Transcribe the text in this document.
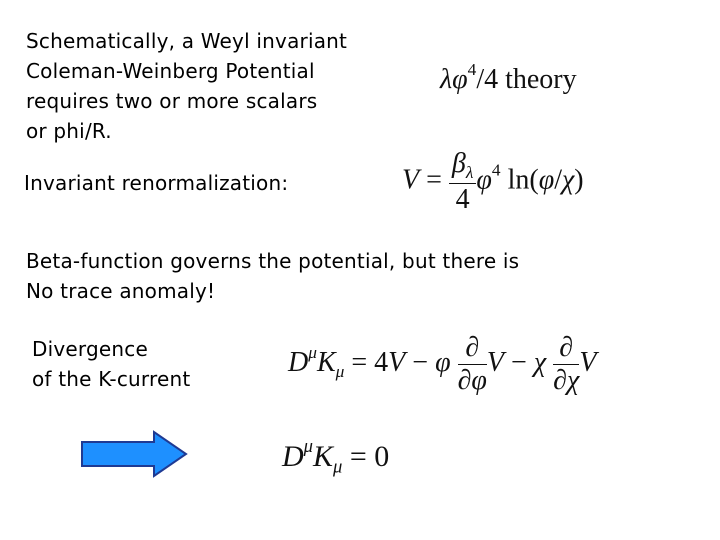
Schematically, a Weyl invariant
Coleman-Weinberg Potential
requires two or more scalars
or phi/R.
$\lambda\varphi^4/4$ theory
Invariant renormalization:	$V = \frac{\beta_\lambda}{4} \varphi^4$ ln(φ/χ)
Beta-function governs the potential, but there is
No trace anomaly!
Divergence
of the K-current
$D^\mu K_\mu = 4V - \varphi \frac{\partial}{\partial\varphi}$ V − χ $\frac{\partial}{\partial\chi}$ V
$D^\mu K_\mu = 0$
